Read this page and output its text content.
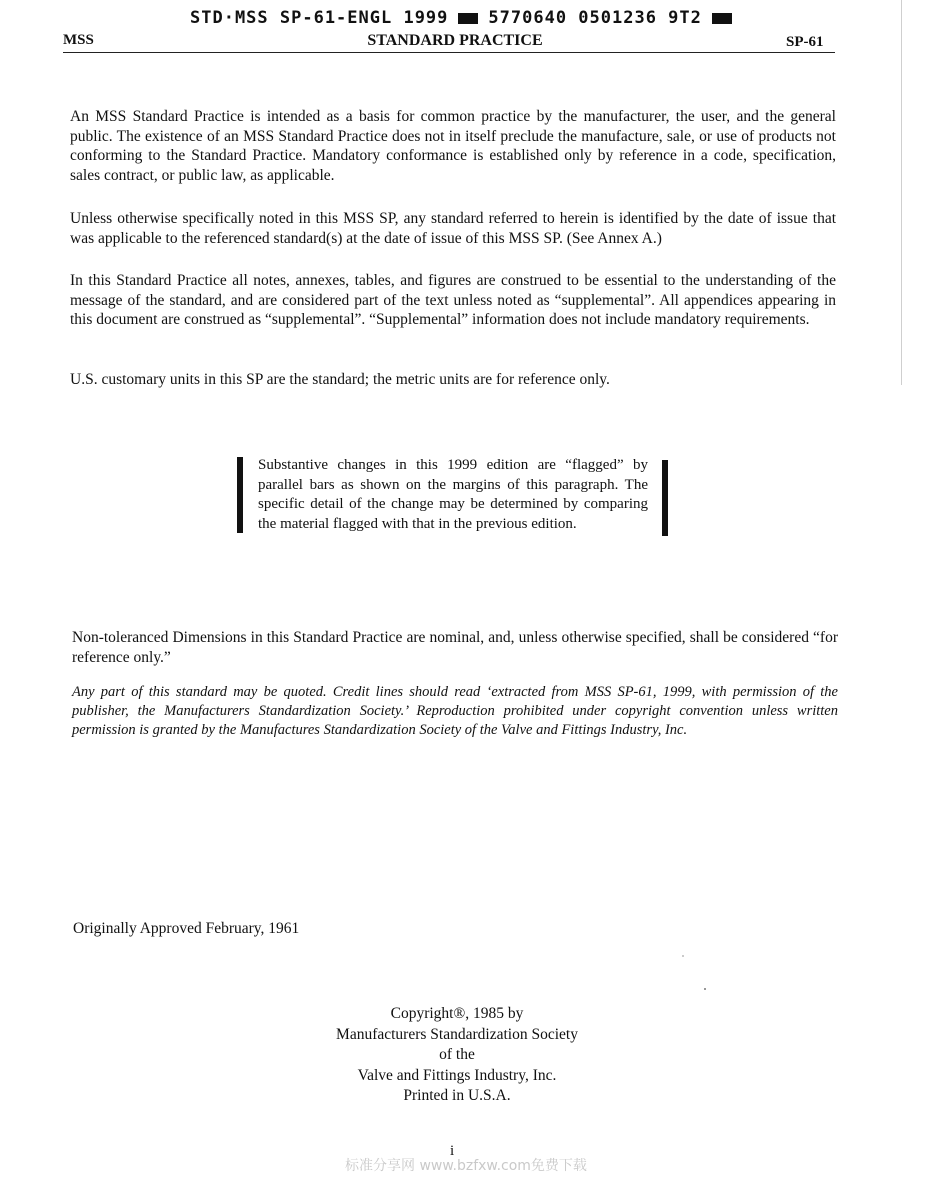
STD·MSS SP-61-ENGL 1999 5770640 0501236 9T2
MSS	STANDARD PRACTICE	SP-61

An MSS Standard Practice is intended as a basis for common practice by the manufacturer, the user, and the general public. The existence of an MSS Standard Practice does not in itself preclude the manufacture, sale, or use of products not conforming to the Standard Practice. Mandatory conformance is established only by reference in a code, specification, sales contract, or public law, as applicable.

Unless otherwise specifically noted in this MSS SP, any standard referred to herein is identified by the date of issue that was applicable to the referenced standard(s) at the date of issue of this MSS SP. (See Annex A.)

In this Standard Practice all notes, annexes, tables, and figures are construed to be essential to the understanding of the message of the standard, and are considered part of the text unless noted as “supplemental”. All appendices appearing in this document are construed as “supplemental”. “Supplemental” information does not include mandatory requirements.

U.S. customary units in this SP are the standard; the metric units are for reference only.

Substantive changes in this 1999 edition are “flagged” by parallel bars as shown on the margins of this paragraph. The specific detail of the change may be determined by comparing the material flagged with that in the previous edition.

Non-toleranced Dimensions in this Standard Practice are nominal, and, unless otherwise specified, shall be considered “for reference only.”

Any part of this standard may be quoted. Credit lines should read ‘extracted from MSS SP-61, 1999, with permission of the publisher, the Manufacturers Standardization Society.’ Reproduction prohibited under copyright convention unless written permission is granted by the Manufactures Standardization Society of the Valve and Fittings Industry, Inc.

Originally Approved February, 1961
Copyright®, 1985 by
Manufacturers Standardization Society
of the
Valve and Fittings Industry, Inc.
Printed in U.S.A.
i
标准分享网 www.bzfxw.com免费下载
